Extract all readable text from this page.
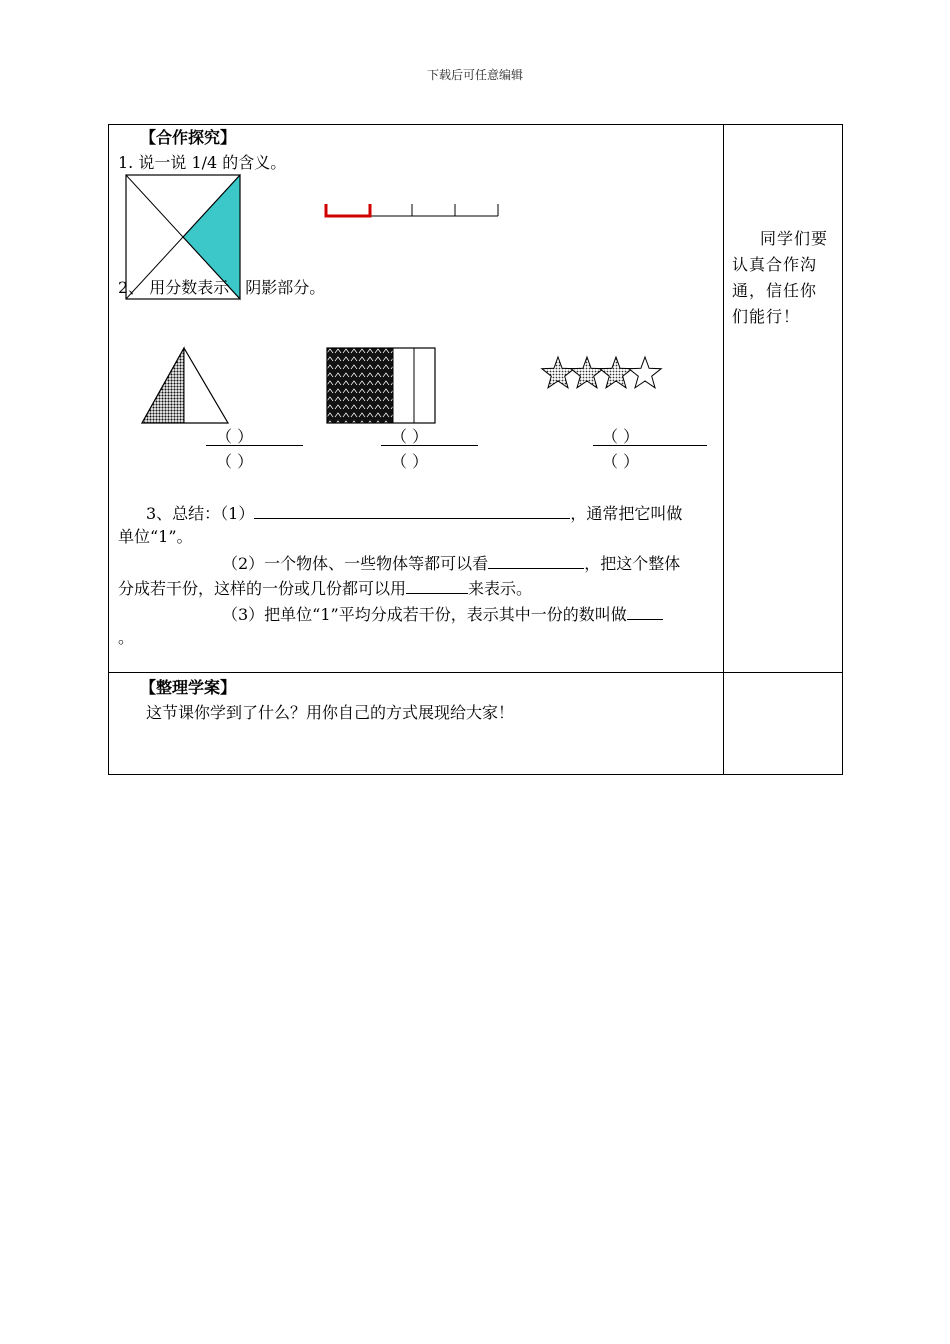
下载后可任意编辑
【合作探究】
1. 说一说 1/4 的含义。
2、 用分数表示 阴影部分。
（ ）
（ ）
（ ）
（ ）
（ ）
（ ）
3、总结：（1）	，通常把它叫做
单位“1”。
（2）一个物体、一些物体等都可以看	，把这个整体
分成若干份，这样的一份或几份都可以用	来表示。
（3）把单位“1”平均分成若干份，表示其中一份的数叫做
。
同学们要认真合作沟通，信任你们能行！
【整理学案】
这节课你学到了什么？用你自己的方式展现给大家！
